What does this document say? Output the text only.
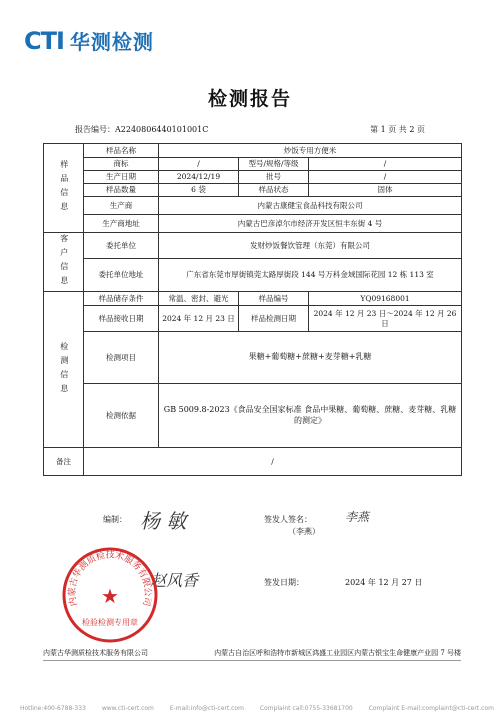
CTI 华测检测
检测报告
报告编号：A2240806440101001C	第 1 页 共 2 页
样品信息	样品名称	炒饭专用方便米		
	商标	/	型号/规格/等级	/
	生产日期	2024/12/19	批号	/
	样品数量	6 袋	样品状态	固体
	生产商	内蒙古康健宝食品科技有限公司		
	生产商地址	内蒙古巴彦淖尔市经济开发区恒丰东街 4 号		
客户信息	委托单位	发财炒饭餐饮管理（东莞）有限公司		
	委托单位地址	广东省东莞市厚街镇莞太路厚街段 144 号万科金域国际花园 12 栋 113 室		
检测信息	样品储存条件	常温、密封、避光	样品编号	YQ09168001
	样品接收日期	2024 年 12 月 23 日	样品检测日期	2024 年 12 月 23 日～2024 年 12 月 26 日
	检测项目	果糖+葡萄糖+蔗糖+麦芽糖+乳糖		
	检测依据	GB 5009.8-2023《食品安全国家标准 食品中果糖、葡萄糖、蔗糖、麦芽糖、乳糖的测定》		
备注	/			
编制： 杨 敏	签发人签名：	李燕
（李燕）
赵风香	签发日期：	2024 年 12 月 27 日
内蒙古华测质检技术服务有限公司
★
检验检测专用章
内蒙古华测质检技术服务有限公司	内蒙古自治区呼和浩特市新城区鸿盛工业园区内蒙古银宝生命健康产业园 7 号楼
Hotline:400-6788-333	www.cti-cert.com	E-mail:info@cti-cert.com	Complaint call:0755-33681700	Complaint E-mail:complaint@cti-cert.com
